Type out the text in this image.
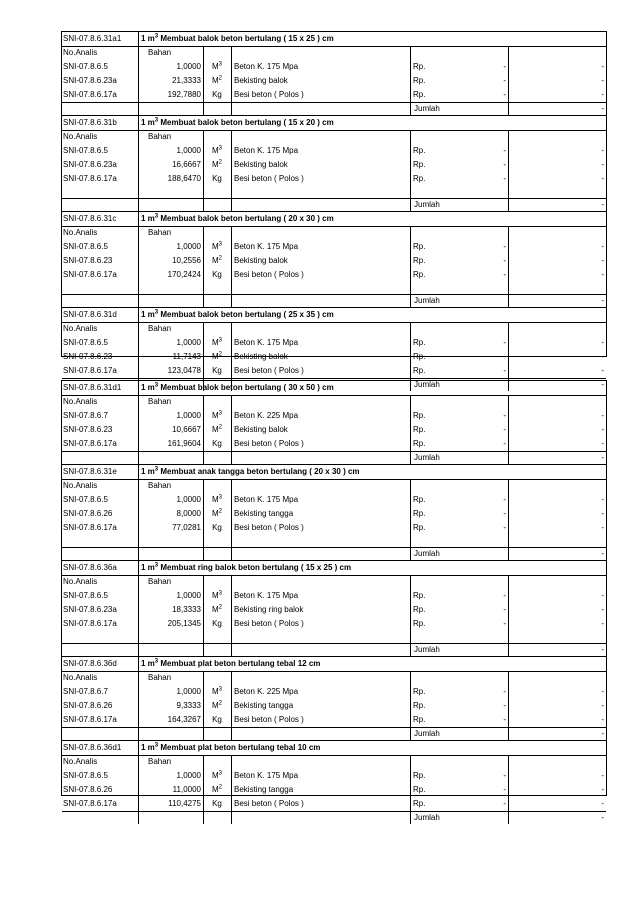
SNI-07.8.6.31a1 1 $m^3$ Membuat balok beton bertulang ( 15 x 25 ) cm
No.Analis	Bahan
SNI-07.8.6.5	1,0000	$M^3$	Beton K. 175 Mpa	Rp.	-	-
SNI-07.8.6.23a	21,3333	$M^2$	Bekisting balok	Rp.	-	-
SNI-07.8.6.17a	192,7880	Kg	Besi beton ( Polos )	Rp.	-	-
Jumlah	-
SNI-07.8.6.31b	1 $m^3$ Membuat balok beton bertulang ( 15 x 20 ) cm
No.Analis	Bahan
SNI-07.8.6.5	1,0000	$M^3$	Beton K. 175 Mpa	Rp.	-	-
SNI-07.8.6.23a	16,6667	$M^2$	Bekisting balok	Rp.	-	-
SNI-07.8.6.17a	188,6470	Kg	Besi beton ( Polos )	Rp.	-	-
Jumlah	-
SNI-07.8.6.31c	1 $m^3$ Membuat balok beton bertulang ( 20 x 30 ) cm
No.Analis	Bahan
SNI-07.8.6.5	1,0000	$M^3$	Beton K. 175 Mpa	Rp.	-	-
SNI-07.8.6.23	10,2556	$M^2$	Bekisting balok	Rp.	-	-
SNI-07.8.6.17a	170,2424	Kg	Besi beton ( Polos )	Rp.	-	-
Jumlah	-
SNI-07.8.6.31d	1 $m^3$ Membuat balok beton bertulang ( 25 x 35 ) cm
No.Analis	Bahan
SNI-07.8.6.5	1,0000	$M^3$	Beton K. 175 Mpa	Rp.	-	-
SNI-07.8.6.23	11,7143	$M^2$	Bekisting balok	Rp.	-	-
SNI-07.8.6.17a	123,0478	Kg	Besi beton ( Polos )	Rp.	-	-
Jumlah	-
SNI-07.8.6.31d1 1 $m^3$ Membuat balok beton bertulang ( 30 x 50 ) cm
No.Analis	Bahan
SNI-07.8.6.7	1,0000	$M^3$	Beton K. 225 Mpa	Rp.	-	-
SNI-07.8.6.23	10,6667	$M^2$	Bekisting balok	Rp.	-	-
SNI-07.8.6.17a	161,9604	Kg	Besi beton ( Polos )	Rp.	-	-
Jumlah	-
SNI-07.8.6.31e	1 $m^3$ Membuat anak tangga beton bertulang ( 20 x 30 ) cm
No.Analis	Bahan
SNI-07.8.6.5	1,0000	$M^3$	Beton K. 175 Mpa	Rp.	-	-
SNI-07.8.6.26	8,0000	$M^2$	Bekisting tangga	Rp.	-	-
SNI-07.8.6.17a	77,0281	Kg	Besi beton ( Polos )	Rp.	-	-
Jumlah	-
SNI-07.8.6.36a	1 $m^3$ Membuat ring balok beton bertulang ( 15 x 25 ) cm
No.Analis	Bahan
SNI-07.8.6.5	1,0000	$M^3$	Beton K. 175 Mpa	Rp.	-	-
SNI-07.8.6.23a	18,3333	$M^2$	Bekisting ring balok	Rp.	-	-
SNI-07.8.6.17a	205,1345	Kg	Besi beton ( Polos )	Rp.	-	-
Jumlah	-
SNI-07.8.6.36d	1 $m^3$ Membuat plat beton bertulang tebal 12 cm
No.Analis	Bahan
SNI-07.8.6.7	1,0000	$M^3$	Beton K. 225 Mpa	Rp.	-	-
SNI-07.8.6.26	9,3333	$M^2$	Bekisting tangga	Rp.	-	-
SNI-07.8.6.17a	164,3267	Kg	Besi beton ( Polos )	Rp.	-	-
Jumlah	-
SNI-07.8.6.36d1 1 $m^3$ Membuat plat beton bertulang tebal 10 cm
No.Analis	Bahan
SNI-07.8.6.5	1,0000	$M^3$	Beton K. 175 Mpa	Rp.	-	-
SNI-07.8.6.26	11,0000	$M^2$	Bekisting tangga	Rp.	-	-
SNI-07.8.6.17a	110,4275	Kg	Besi beton ( Polos )	Rp.	-	-
Jumlah	-
